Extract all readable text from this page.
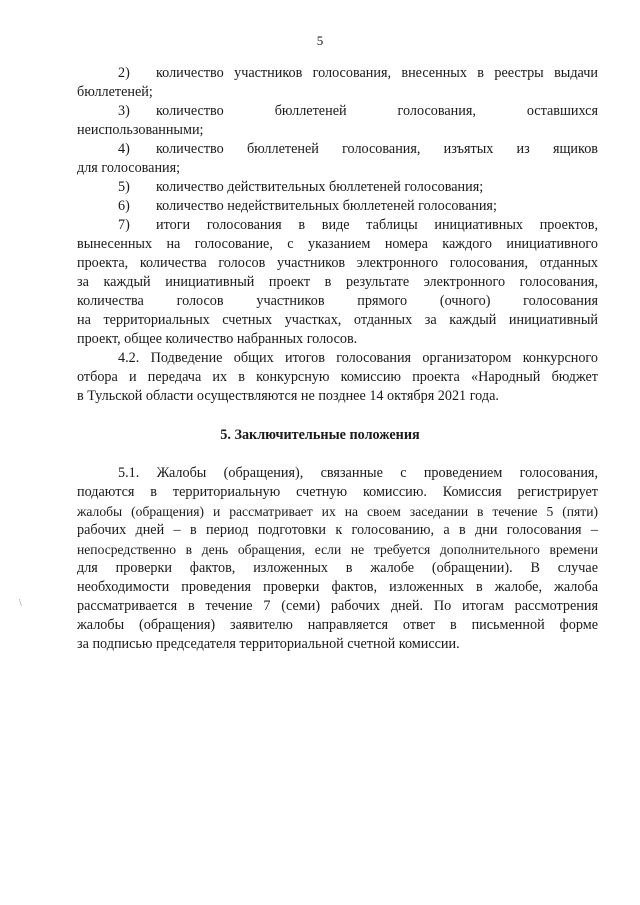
5
2) количество участников голосования, внесенных в реестры выдачи
бюллетеней;
3)	количество бюллетеней голосования, оставшихся
неиспользованными;
4)	количество бюллетеней голосования, изъятых из ящиков
для голосования;
5)	количество действительных бюллетеней голосования;
6)	количество недействительных бюллетеней голосования;
7)	итоги голосования в виде таблицы инициативных проектов,
вынесенных на голосование, с указанием номера каждого инициативного
проекта, количества голосов участников электронного голосования, отданных
за каждый инициативный проект в результате электронного голосования,
количества голосов участников прямого (очного) голосования
на территориальных счетных участках, отданных за каждый инициативный
проект, общее количество набранных голосов.
4.2. Подведение общих итогов голосования организатором конкурсного
отбора и передача их в конкурсную комиссию проекта «Народный бюджет
в Тульской области осуществляются не позднее 14 октября 2021 года.
5. Заключительные положения
5.1. Жалобы (обращения), связанные с проведением голосования,
подаются в территориальную счетную комиссию. Комиссия регистрирует
жалобы (обращения) и рассматривает их на своем заседании в течение 5 (пяти)
рабочих дней – в период подготовки к голосованию, а в дни голосования –
непосредственно в день обращения, если не требуется дополнительного времени
для проверки фактов, изложенных в жалобе (обращении). В случае
необходимости проведения проверки фактов, изложенных в жалобе, жалоба
рассматривается в течение 7 (семи) рабочих дней. По итогам рассмотрения
жалобы (обращения) заявителю направляется ответ в письменной форме
за подписью председателя территориальной счетной комиссии.
\
